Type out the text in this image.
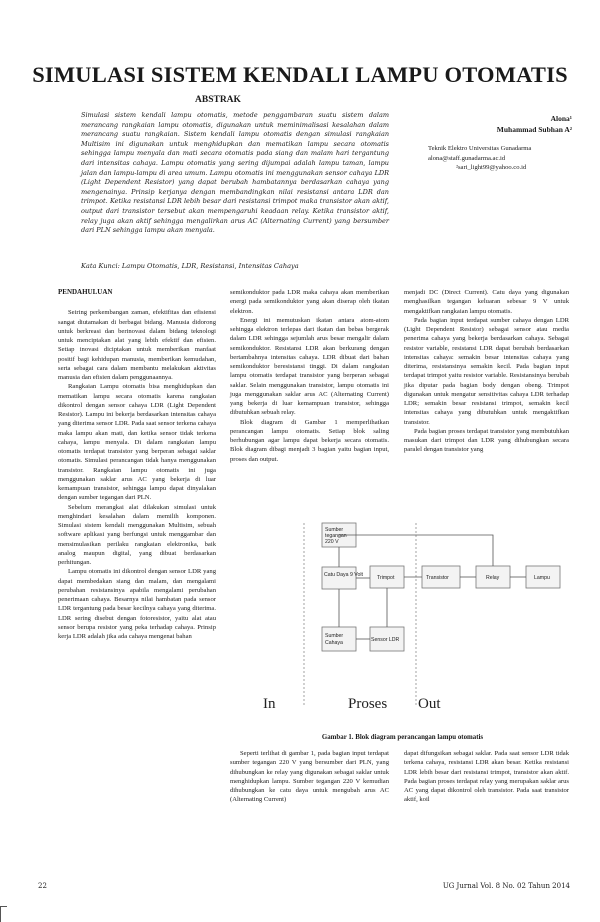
SIMULASI SISTEM KENDALI LAMPU OTOMATIS
ABSTRAK
Simulasi sistem kendali lampu otomatis, metode penggambaran suatu sistem dalam merancang rangkaian lampu otomatis, digunakan untuk meminimalisasi kesalahan dalam merancang suatu rangkaian. Sistem kendali lampu otomatis dengan simulasi rangkaian Multisim ini digunakan untuk menghidupkan dan mematikan lampu secara otomatis sehingga lampu menyala dan mati secara otomatis pada siang dan malam hari tergantung dari intensitas cahaya. Lampu otomatis yang sering dijumpai adalah lampu taman, lampu jalan dan lampu-lampu di area umum. Lampu otomatis ini menggunakan sensor cahaya LDR (Light Dependent Resistor) yang dapat berubah hambatannya berdasarkan cahaya yang mengenainya. Prinsip kerjanya dengan membandingkan nilai resistansi antara LDR dan trimpot. Ketika resistansi LDR lebih besar dari resistansi trimpot maka transistor akan aktif, output dari transistor tersebut akan mempengaruhi keadaan relay. Ketika transistor aktif, relay juga akan aktif sehingga mengalirkan arus AC (Alternating Current) yang bersumber dari PLN sehingga lampu akan menyala.
Alona¹
Muhammad Subhan A²
Teknik Elektro Universitas Gunadarma
alona@staff.gunadarma.ac.id
²sari_light99@yahoo.co.id
Kata Kunci: Lampu Otomatis, LDR, Resistansi, Intensitas Cahaya

PENDAHULUAN

Seiring perkembangan zaman, efektifitas dan efisiensi sangat diutamakan di berbagai bidang. Manusia didorong untuk berkreasi dan berinovasi dalam bidang teknologi untuk menciptakan alat yang lebih efektif dan efisien. Setiap inovasi diciptakan untuk memberikan manfaat positif bagi kehidupan manusia, memberikan kemudahan, serta sebagai cara dalam membantu melakukan aktivitas manusia dan efisien dalam penggunaannya.

Rangkaian Lampu otomatis bisa menghidupkan dan mematikan lampu secara otomatis karena rangkaian dikontrol dengan sensor cahaya LDR (Light Dependent Resistor). Lampu ini bekerja berdasarkan intensitas cahaya yang diterima sensor LDR. Pada saat sensor terkena cahaya maka lampu akan mati, dan ketika sensor tidak terkena cahaya, lampu menyala. Di dalam rangkaian lampu otomatis terdapat transistor yang berperan sebagai saklar otomatis. Simulasi perancangan tidak hanya menggunakan transistor. Rangkaian lampu otomatis ini juga menggunakan saklar arus AC yang bekerja di luar kemampuan transistor, sehingga lampu dapat dinyalakan dengan sumber tegangan dari PLN.

Sebelum merangkai alat dilakukan simulasi untuk menghindari kesalahan dalam memilih komponen. Simulasi sistem kendali menggunakan Multisim, sebuah software aplikasi yang berfungsi untuk menggambar dan mensimulasikan perilaku rangkaian elektronika, baik analog maupun digital, yang dibuat berdasarkan perhitungan.

Lampu otomatis ini dikontrol dengan sensor LDR yang dapat membedakan siang dan malam, dan mengalami perubahan resistansinya apabila mengalami perubahan penerimaan cahaya. Besarnya nilai hambatan pada sensor LDR tergantung pada besar kecilnya cahaya yang diterima. LDR sering disebut dengan fotoresistor, yaitu alat atau sensor berupa resistor yang peka terhadap cahaya. Prinsip kerja LDR adalah jika ada cahaya mengenai bahan

semikonduktor pada LDR maka cahaya akan memberikan energi pada semikonduktor yang akan diserap oleh ikatan elektron.

Energi ini memutuskan ikatan antara atom-atom sehingga elektron terlepas dari ikatan dan bebas bergerak dalam LDR sehingga sejumlah arus besar mengalir dalam semikonduktor. Resistansi LDR akan berkurang dengan bertambahnya intensitas cahaya. LDR dibuat dari bahan semikonduktor beresistansi tinggi. Di dalam rangkaian lampu otomatis terdapat transistor yang berperan sebagai saklar. Selain menggunakan transistor, lampu otomatis ini juga menggunakan saklar arus AC (Alternating Current) yang bekerja di luar kemampuan transistor, sehingga dibutuhkan sebuah relay.

Blok diagram di Gambar 1 memperlihatkan perancangan lampu otomatis. Setiap blok saling berhubungan agar lampu dapat bekerja secara otomatis. Blok diagram dibagi menjadi 3 bagian yaitu bagian input, proses dan output.

menjadi DC (Direct Current). Catu daya yang digunakan menghasilkan tegangan keluaran sebesar 9 V untuk mengaktifkan rangkaian lampu otomatis.

Pada bagian input terdapat sumber cahaya dengan LDR (Light Dependent Resistor) sebagai sensor atau media penerima cahaya yang bekerja berdasarkan cahaya. Sebagai resistor variable, resistansi LDR dapat berubah berdasarkan intensitas cahaya: semakin besar intensitas cahaya yang diterima, resistansinya semakin kecil. Pada bagian input terdapat trimpot yaitu resistor variable. Resistansinya berubah jika diputar pada bagian body dengan obeng. Trimpot digunakan untuk mengatur sensitivitas cahaya LDR terhadap LDR; semakin besar resistansi trimpot, semakin kecil intensitas cahaya yang dibutuhkan untuk mengaktifkan transistor.

Pada bagian proses terdapat transistor yang membutuhkan masukan dari trimpot dan LDR yang dihubungkan secara paralel dengan transistor yang

Sumber
tegangan
220 V
Catu Daya 9 Volt	Trimpot	Transistor	Relay	Lampu
Sumber
Cahaya	Sensor LDR
In	Proses Out
Gambar 1. Blok diagram perancangan lampu otomatis

Seperti terlihat di gambar 1, pada bagian input terdapat sumber tegangan 220 V yang bersumber dari PLN, yang dihubungkan ke relay yang digunakan sebagai saklar untuk menghidupkan lampu. Sumber tegangan 220 V kemudian dihubungkan ke catu daya untuk mengubah arus AC (Alternating Current)

dapat difungsikan sebagai saklar. Pada saat sensor LDR tidak terkena cahaya, resistansi LDR akan besar. Ketika resistansi LDR lebih besar dari resistansi trimpot, transistor akan aktif. Pada bagian proses terdapat relay yang merupakan saklar arus AC yang dapat dikontrol oleh transistor. Pada saat transistor aktif, koil

22	UG Jurnal Vol. 8 No. 02 Tahun 2014
